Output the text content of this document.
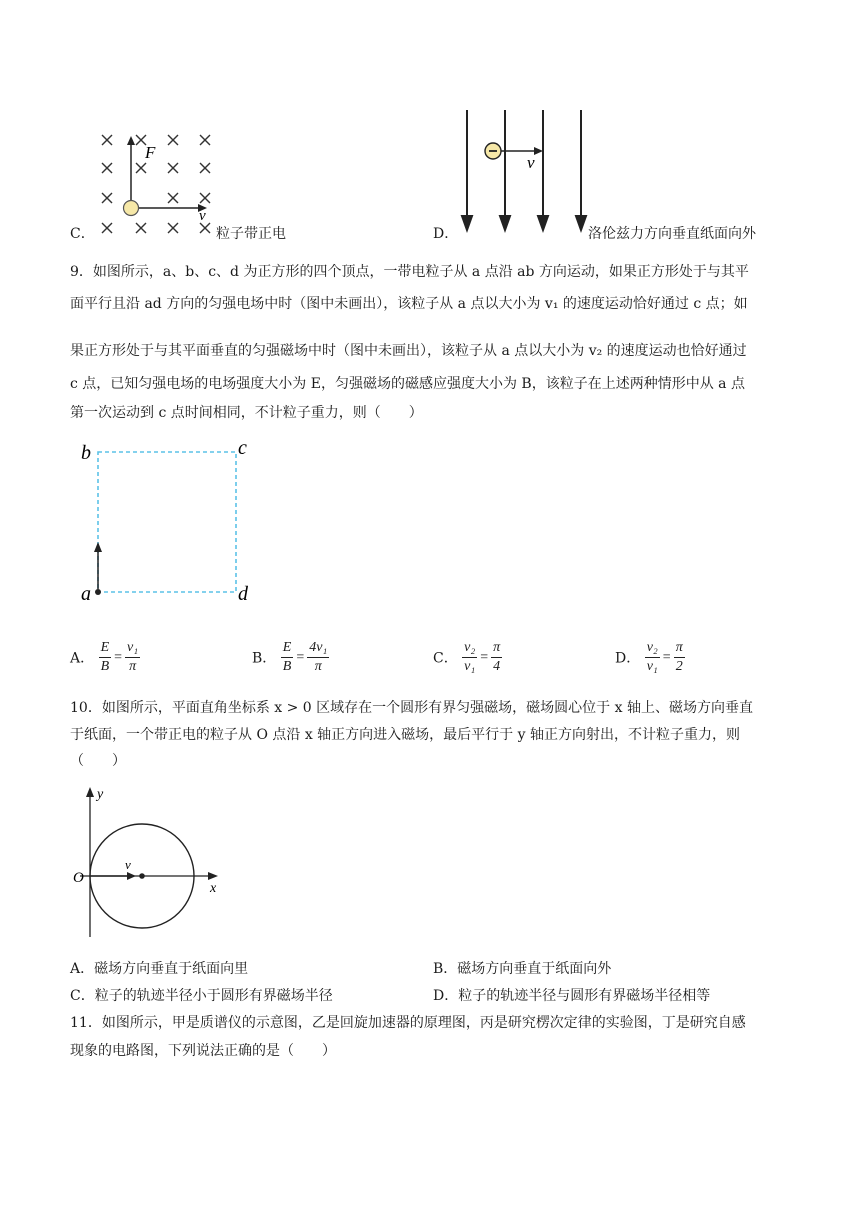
F
v
C．	粒子带正电
v
D．	洛伦兹力方向垂直纸面向外
9．如图所示，a、b、c、d 为正方形的四个顶点，一带电粒子从 a 点沿 ab 方向运动，如果正方形处于与其平
面平行且沿 ad 方向的匀强电场中时（图中未画出），该粒子从 a 点以大小为 v₁ 的速度运动恰好通过 c 点；如
果正方形处于与其平面垂直的匀强磁场中时（图中未画出），该粒子从 a 点以大小为 v₂ 的速度运动也恰好通过
c 点，已知匀强电场的电场强度大小为 E，匀强磁场的磁感应强度大小为 B，该粒子在上述两种情形中从 a 点
第一次运动到 c 点时间相同，不计粒子重力，则（　　）
b	c
a	d
A． $\frac{E}{B} = \frac{\text{v₁}}{\pi}$	B． $\frac{E}{B} = \frac{\text{4v₁}}{\pi}$	C． $\frac{\text{v₂}}{\text{v₁}} = \frac{\pi}{4}$	D． $\frac{\text{v₂}}{\text{v₁}} = \frac{\pi}{2}$
10．如图所示，平面直角坐标系 x > 0 区域存在一个圆形有界匀强磁场，磁场圆心位于 x 轴上、磁场方向垂直
于纸面，一个带正电的粒子从 O 点沿 x 轴正方向进入磁场，最后平行于 y 轴正方向射出，不计粒子重力，则
（　　）
O
y
x
v
A．磁场方向垂直于纸面向里	B．磁场方向垂直于纸面向外
C．粒子的轨迹半径小于圆形有界磁场半径	D．粒子的轨迹半径与圆形有界磁场半径相等
11．如图所示，甲是质谱仪的示意图，乙是回旋加速器的原理图，丙是研究楞次定律的实验图，丁是研究自感
现象的电路图，下列说法正确的是（　　）
